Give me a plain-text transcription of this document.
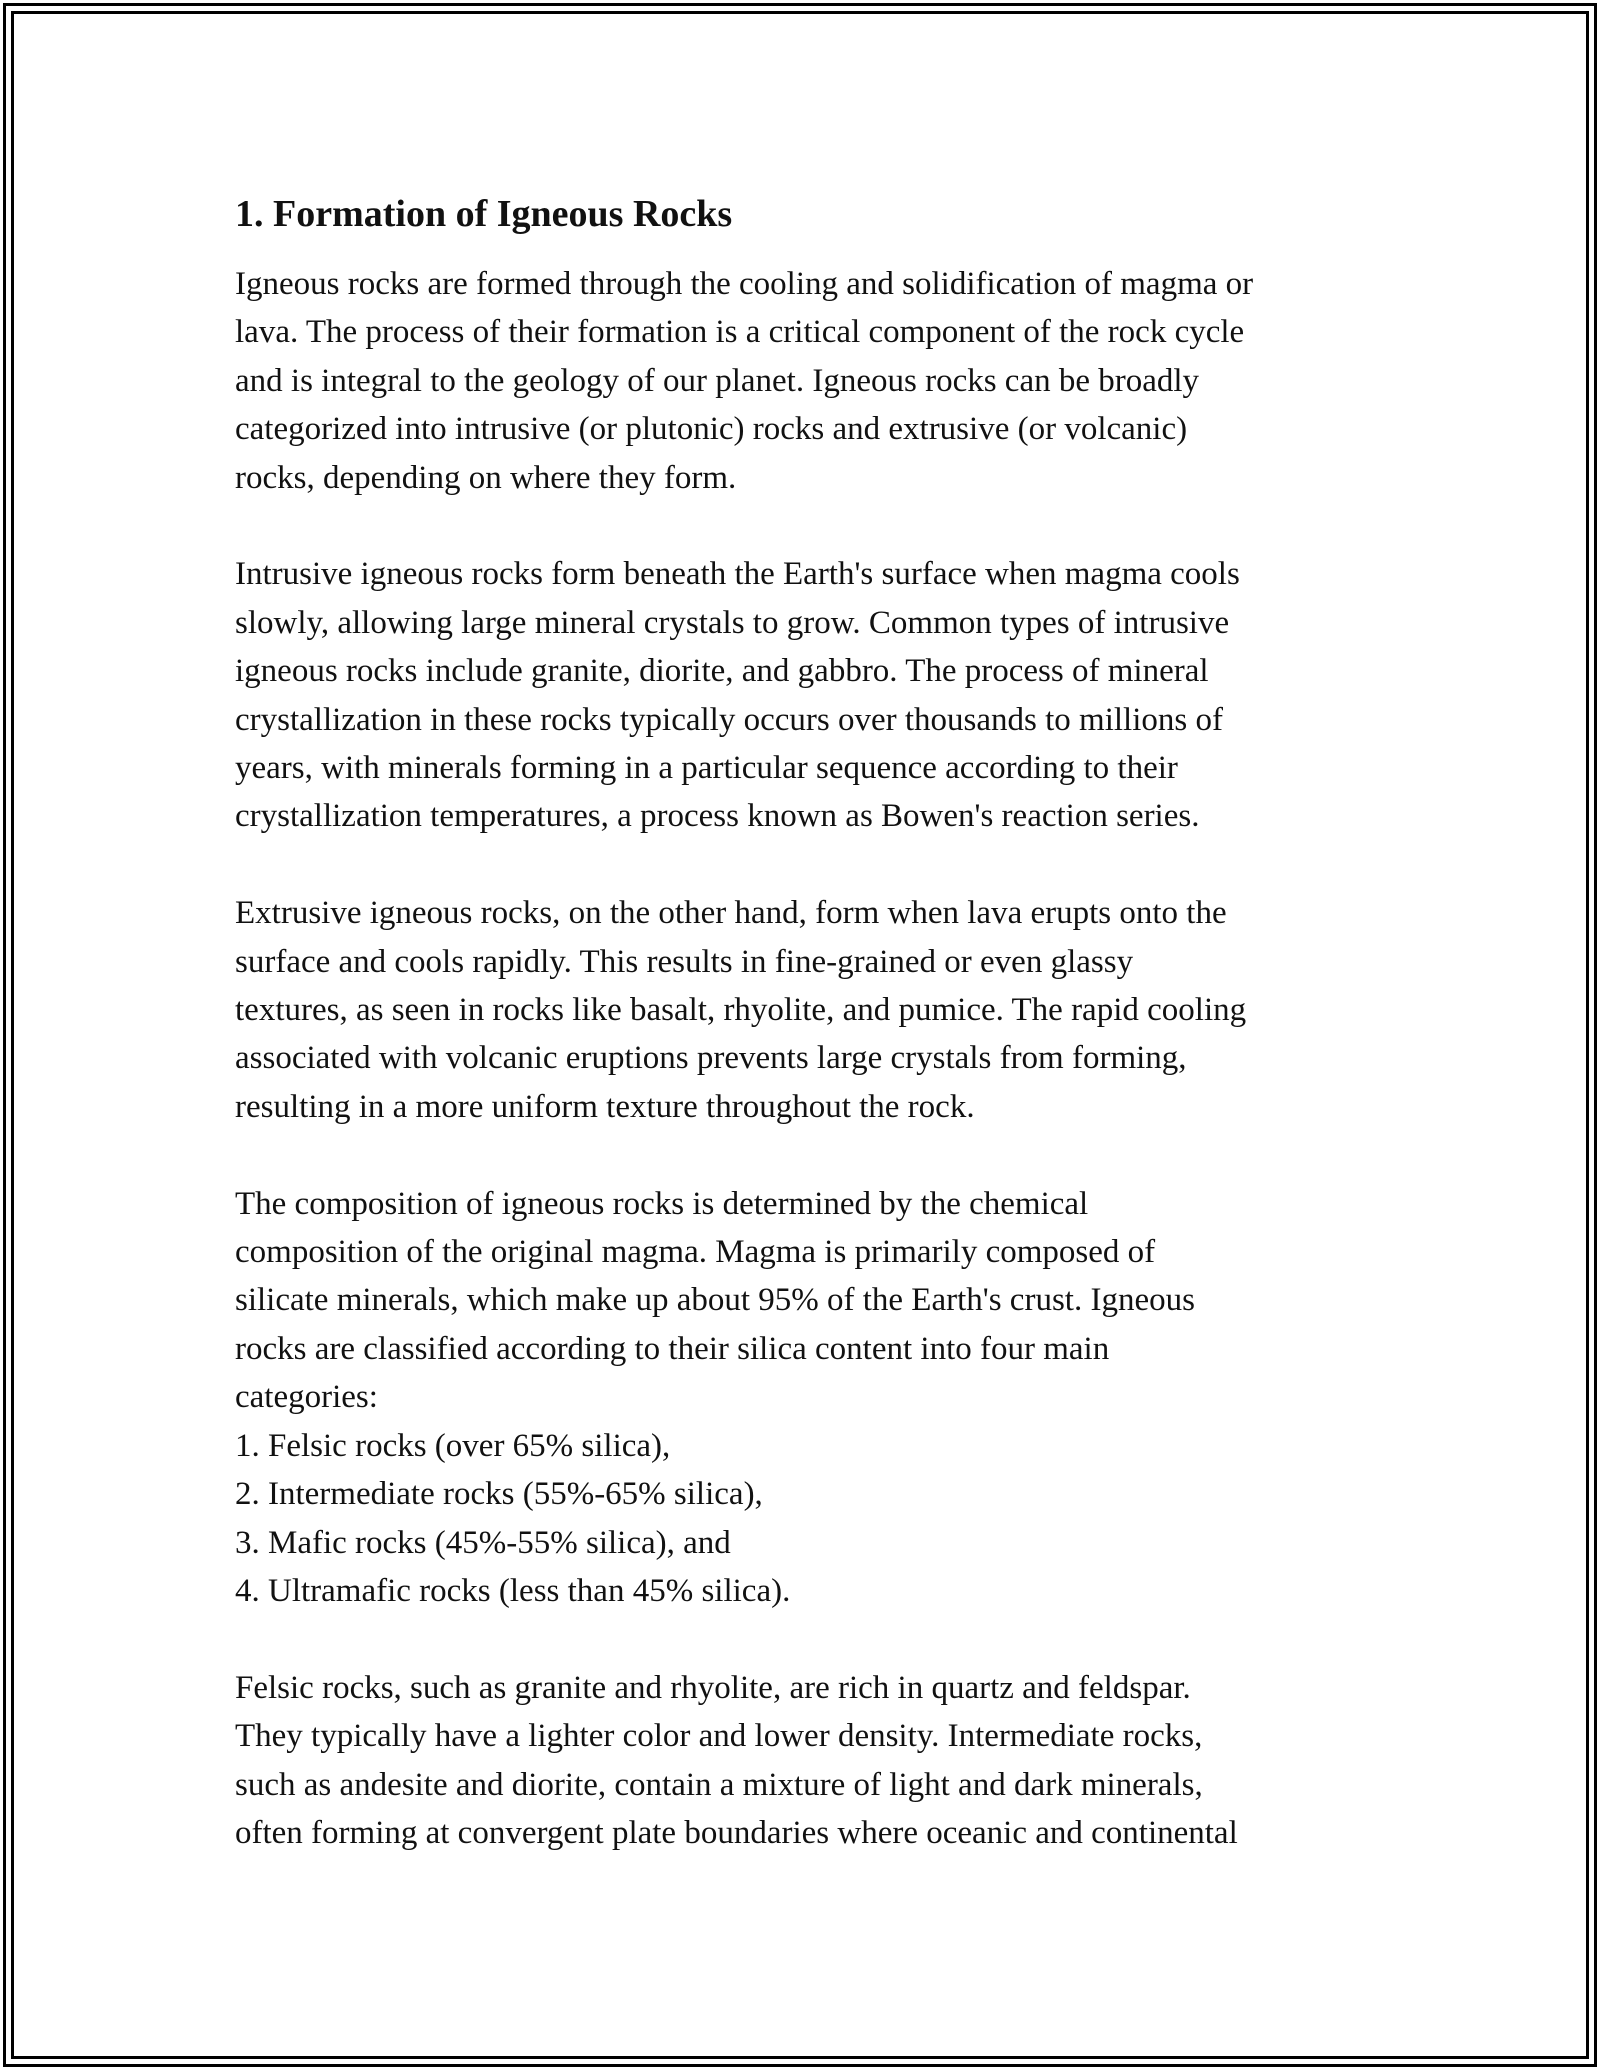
1. Formation of Igneous Rocks

Igneous rocks are formed through the cooling and solidification of magma or
lava. The process of their formation is a critical component of the rock cycle
and is integral to the geology of our planet. Igneous rocks can be broadly
categorized into intrusive (or plutonic) rocks and extrusive (or volcanic)
rocks, depending on where they form.

Intrusive igneous rocks form beneath the Earth's surface when magma cools
slowly, allowing large mineral crystals to grow. Common types of intrusive
igneous rocks include granite, diorite, and gabbro. The process of mineral
crystallization in these rocks typically occurs over thousands to millions of
years, with minerals forming in a particular sequence according to their
crystallization temperatures, a process known as Bowen's reaction series.

Extrusive igneous rocks, on the other hand, form when lava erupts onto the
surface and cools rapidly. This results in fine-grained or even glassy
textures, as seen in rocks like basalt, rhyolite, and pumice. The rapid cooling
associated with volcanic eruptions prevents large crystals from forming,
resulting in a more uniform texture throughout the rock.

The composition of igneous rocks is determined by the chemical
composition of the original magma. Magma is primarily composed of
silicate minerals, which make up about 95% of the Earth's crust. Igneous
rocks are classified according to their silica content into four main
categories:
1. Felsic rocks (over 65% silica),
2. Intermediate rocks (55%-65% silica),
3. Mafic rocks (45%-55% silica), and
4. Ultramafic rocks (less than 45% silica).

Felsic rocks, such as granite and rhyolite, are rich in quartz and feldspar.
They typically have a lighter color and lower density. Intermediate rocks,
such as andesite and diorite, contain a mixture of light and dark minerals,
often forming at convergent plate boundaries where oceanic and continental
